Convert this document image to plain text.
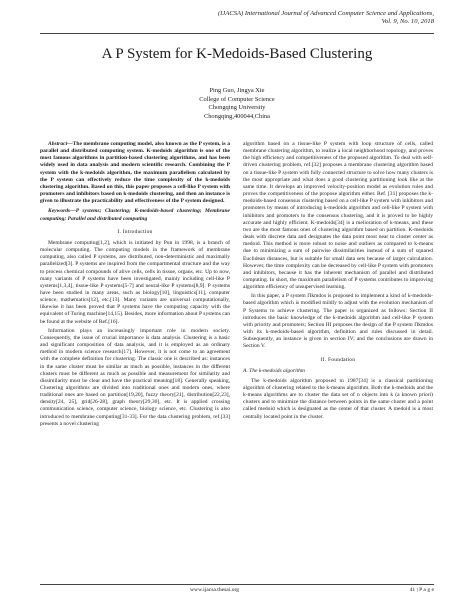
(IJACSA) International Journal of Advanced Computer Science and Applications,
Vol. 9, No. 10, 2018
A P System for K-Medoids-Based Clustering
Ping Guo, Jingya Xie
College of Computer Science
Chongqing University
Chongqing,400044,China

Abstract—The membrane computing model, also known as the P system, is a parallel and distributed computing system. K-medoids algorithm is one of the most famous algorithms in partition-based clustering algorithms, and has been widely used in data analysis and modern scientific research. Combining the P system with the k-medoids algorithm, the maximum parallelism calculated by the P system can effectively reduce the time complexity of the k-medoids clustering algorithm. Based on this, this paper proposes a cell-like P system with promoters and inhibitors based on k-medoids clustering, and then an instance is given to illustrate the practicability and effectiveness of the P system designed.

Keywords—P systems; Clustering; K-medoids-based clustering; Membrane computing; Parallel and distributed computing

I. Introduction

Membrane computing[1,2], which is initiated by Pun in 1998, is a branch of molecular computing. The computing models in the framework of membrane computing, also called P systems, are distributed, non-deterministic and maximally parallelized[3]. P systems are inspired from the compartmental structure and the way to process chemical compounds of alive cells, cells in tissue, organs, etc. Up to now, many variants of P systems have been investigated, mainly including cell-like P systems[1,3,4], tissue-like P systems[5-7] and neural-like P systems[8,9]. P systems have been studied in many areas, such as biology[10], linguistics[11], computer science, mathematics[12], etc.[13]. Many variants are universal computationally, likewise it has been proved that P systems have the computing capacity with the equivalent of Turing machine[14,15]. Besides, more information about P systems can be found at the website of Ref.[16].

Information plays an increasingly important role in modern society. Consequently, the issue of crucial importance is data analysis. Clustering is a basic and significant composition of data analysis, and it is employed as an ordinary method in modern science research[17]. However, it is not come to an agreement with the complete definition for clustering. The classic one is described as: instances in the same cluster must be similar as much as possible, instances in the different clusters must be different as much as possible and measurement for similarity and dissimilarity must be clear and have the practical meaning[18]. Generally speaking, Clustering algorithms are divided into traditional ones and modern ones, where traditional ones are based on partition[19,20], fuzzy theory[21], distribution[22,23], density[24, 25], grid[26-28], graph theory[29,30], etc. It is applied crossing communication science, computer science, biology science, etc. Clustering is also introduced to membrane computing[31-33]. For the data clustering problem, ref.[33] presents a novel clustering

algorithm based on a tissue-like P system with loop structure of cells, called membrane clustering algorithm, to realize a local neighborhood topology, and proves the high efficiency and competitiveness of the proposed algorithm. To deal with self-driven clustering problem, ref.[32] proposes a membrane clustering algorithm based on a tissue-like P system with fully connected structure to solve how many clusters is the most appropriate and what does a good clustering partitioning look like at the same time. It develops an improved velocity-position model as evolution rules and proves the competitiveness of the propose algorithm either. Ref. [31] proposes the k-medoids-based consensus clustering based on a cell-like P system with inhibitors and promoters by means of introducing k-medoids algorithm and cell-like P system with inhibitors and promoters to the consensus clustering, and it is proved to be highly accurate and highly efficient. K-medoids[34] is a melioration of k-means, and these two are the most famous ones of clustering algorithm based on partition. K-medoids deals with discrete data and designates the data point most near to cluster center as medoid. This method is more robust to noise and outliers as compared to k-means due to minimizing a sum of pairwise dissimilarities instead of a sum of squared Euclidean distances, but is suitable for small data sets because of larger calculation. However, the time complexity can be decreased by cell-like P system with promoters and inhibitors, because it has the inherent mechanism of parallel and distributed computing. In short, the maximum parallelism of P systems contributes to improving algorithm efficiency of unsupervised learning.

In this paper, a P system Πkmdos is proposed to implement a kind of k-medoids-based algorithm which is modified mildly to adjust with the evolution mechanism of P Systems to achieve clustering. The paper is organized as follows: Section II introduces the basic knowledge of the k-medoids algorithm and cell-like P system with priority and promoters; Section III proposes the design of the P system Πkmdos with its k-medoids-based algorithm, definition and rules discussed in detail. Subsequently, an instance is given in section IV; and the conclusions are drawn in Section V.

II. Foundation

A. The k-medoids algorithm

The k-medoids algorithm proposed in 1987[34] is a classical partitioning algorithm of clustering related to the k-means algorithm. Both the k-medoids and the k-means algorithms are to cluster the data set of n objects into k (a known priori) clusters and to minimize the distance between points in the same cluster and a point called medoid which is designated as the center of that cluster. A medoid is a most centrally located point in the cluster.

www.ijacsa.thesai.org	41 | P a g e
